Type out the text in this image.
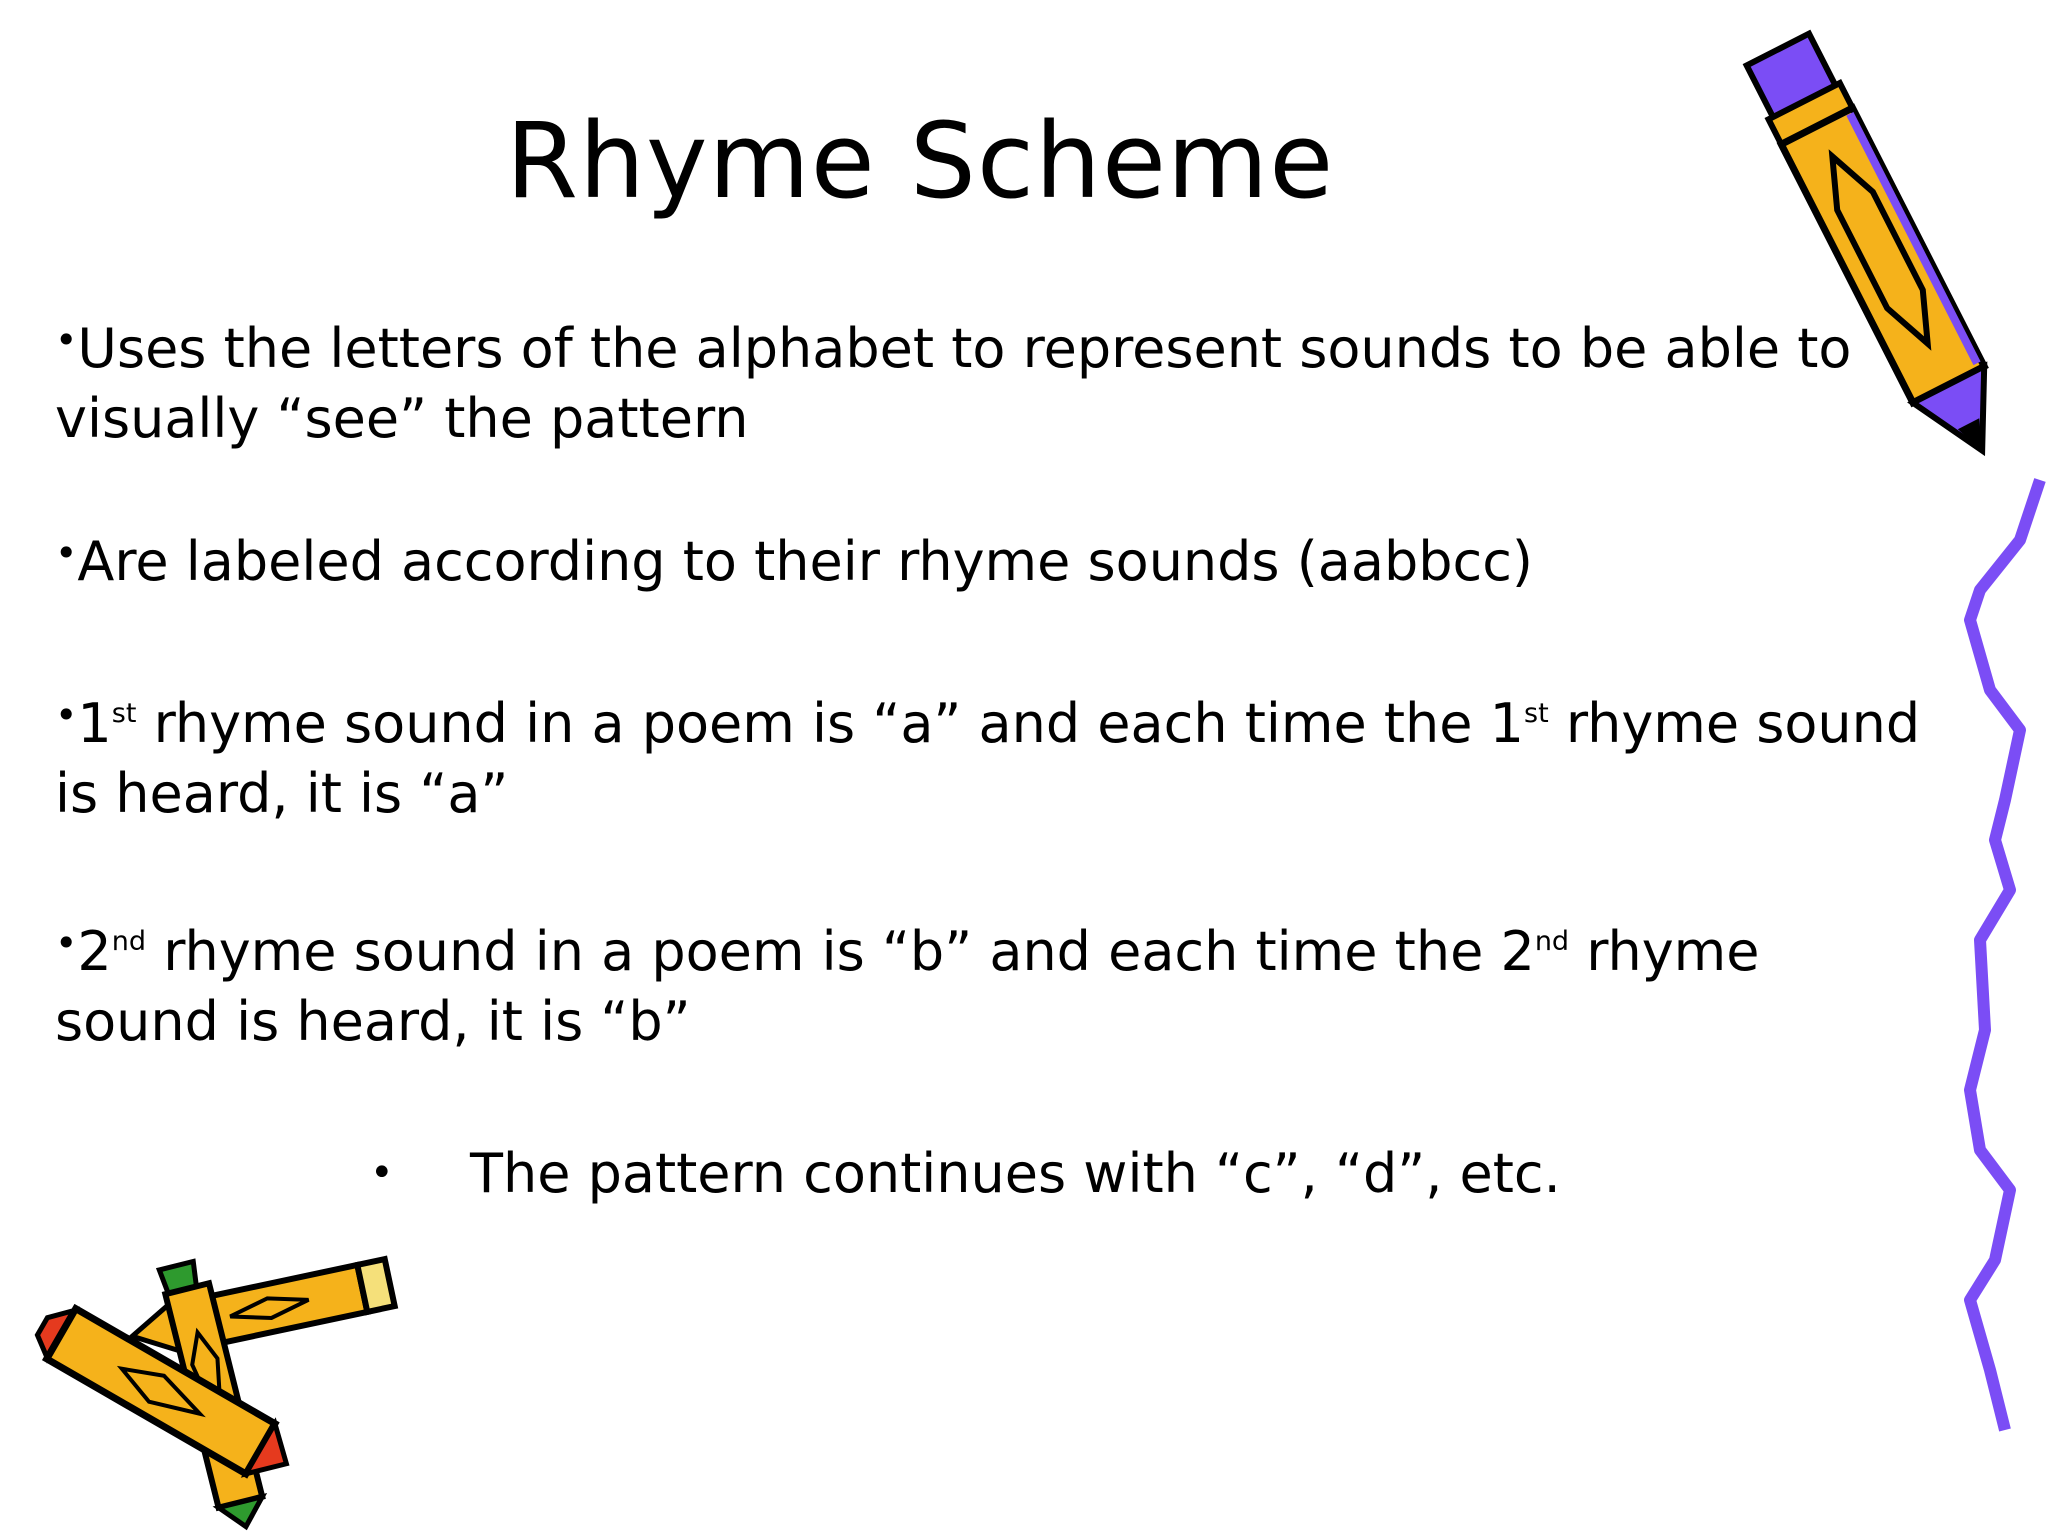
Rhyme Scheme

•Uses the letters of the alphabet to represent sounds to be able to visually “see” the pattern

•Are labeled according to their rhyme sounds (aabbcc)

•1st rhyme sound in a poem is “a” and each time the 1st rhyme sound is heard, it is “a”

•2nd rhyme sound in a poem is “b” and each time the 2nd rhyme sound is heard, it is “b”

• The pattern continues with “c”, “d”, etc.
